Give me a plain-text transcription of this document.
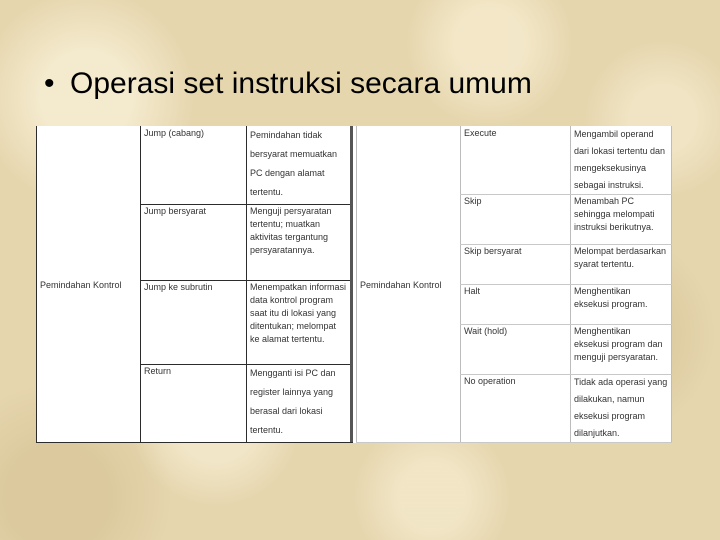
• Operasi set instruksi secara umum
Pemindahan Kontrol
Jump (cabang)	Pemindahan tidak bersyarat memuatkan PC dengan alamat tertentu.
Jump bersyarat	Menguji persyaratan tertentu; muatkan aktivitas tergantung persyaratannya.
Jump ke subrutin	Menempatkan informasi data kontrol program saat itu di lokasi yang ditentukan; melompat ke alamat tertentu.
Return	Mengganti isi PC dan register lainnya yang berasal dari lokasi tertentu.
Pemindahan Kontrol
Execute	Mengambil operand dari lokasi tertentu dan mengeksekusinya sebagai instruksi.
Skip	Menambah PC sehingga melompati instruksi berikutnya.
Skip bersyarat	Melompat berdasarkan syarat tertentu.
Halt	Menghentikan eksekusi program.
Wait (hold)	Menghentikan eksekusi program dan menguji persyaratan.
No operation	Tidak ada operasi yang dilakukan, namun eksekusi program dilanjutkan.
